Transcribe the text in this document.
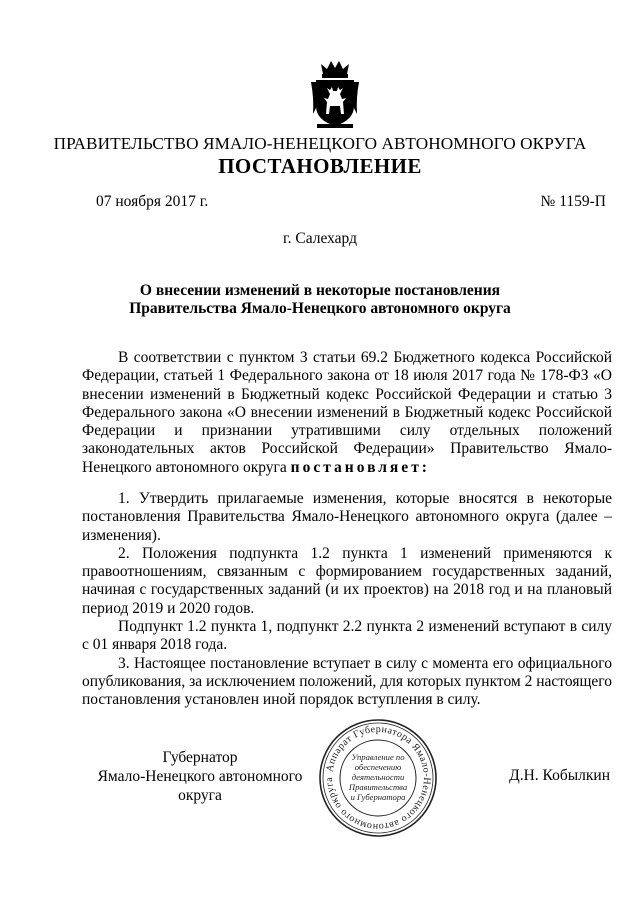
ПРАВИТЕЛЬСТВО ЯМАЛО-НЕНЕЦКОГО АВТОНОМНОГО ОКРУГА
ПОСТАНОВЛЕНИЕ
07 ноября 2017 г.	№ 1159-П
г. Салехард
О внесении изменений в некоторые постановления
Правительства Ямало-Ненецкого автономного округа

В соответствии с пунктом 3 статьи 69.2 Бюджетного кодекса Российской Федерации, статьей 1 Федерального закона от 18 июля 2017 года № 178-ФЗ «О внесении изменений в Бюджетный кодекс Российской Федерации и статью 3 Федерального закона «О внесении изменений в Бюджетный кодекс Российской Федерации и признании утратившими силу отдельных положений законодательных актов Российской Федерации» Правительство Ямало-Ненецкого автономного округа постановляет:

1. Утвердить прилагаемые изменения, которые вносятся в некоторые постановления Правительства Ямало-Ненецкого автономного округа (далее – изменения).

2. Положения подпункта 1.2 пункта 1 изменений применяются к правоотношениям, связанным с формированием государственных заданий, начиная с государственных заданий (и их проектов) на 2018 год и на плановый период 2019 и 2020 годов.

Подпункт 1.2 пункта 1, подпункт 2.2 пункта 2 изменений вступают в силу с 01 января 2018 года.

3. Настоящее постановление вступает в силу с момента его официального опубликования, за исключением положений, для которых пунктом 2 настоящего постановления установлен иной порядок вступления в силу.

Губернатор
Ямало-Ненецкого автономного округа
Д.Н. Кобылкин
Аппарат Губернатора Ямало-Ненецкого автономного округа
Управление по
обеспечению
деятельности
Правительства
и Губернатора
